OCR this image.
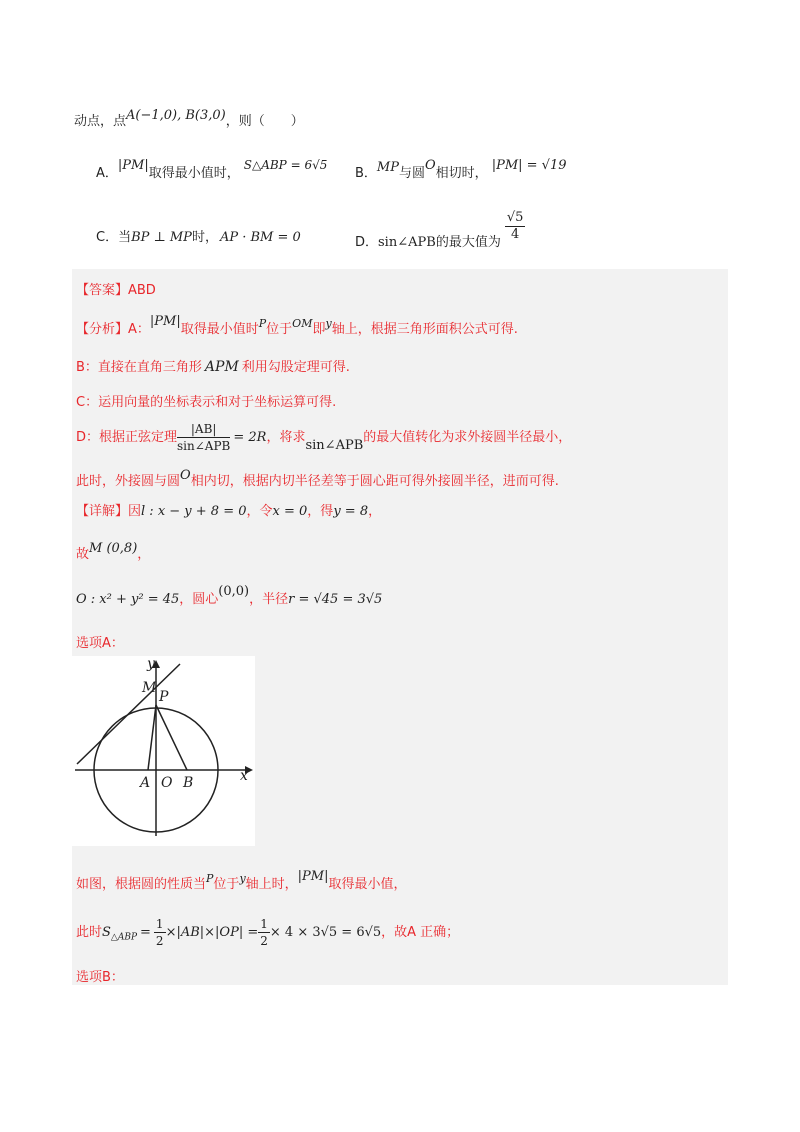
动点，点A(−1,0), B(3,0)，则（　　）
A．|PM|取得最小值时，S△ABP = 6√5
B．MP与圆O相切时，|PM| = √19
C．当BP ⊥ MP时， AP · BM = 0	D．sin∠APB的最大值为 $\frac{√5}{4}$
【答案】ABD
【分析】A：|PM|取得最小值时$^P$位于$^{OM}$即$^y$轴上，根据三角形面积公式可得.
B：直接在直角三角形 APM 利用勾股定理可得.
C：运用向量的坐标表示和对于坐标运算可得.
D：根据正弦定理 $\frac{|AB|}{\text{sin∠APB}} = 2R$，将求sin∠APB的最大值转化为求外接圆半径最小，
此时，外接圆与圆O相内切，根据内切半径差等于圆心距可得外接圆半径，进而可得.
【详解】因l : x − y + 8 = 0，令x = 0，得y = 8，
故M (0,8)，
O : x² + y² = 45，圆心(0,0)，半径r = √45 = 3√5
选项A：
y
x
M
P
A O B
如图，根据圆的性质当$^P$位于$^y$轴上时，|PM|取得最小值，
此时$S_{\triangle ABP} = \frac{1}{2} \times|AB|\times|OP| = \frac{1}{2} \times 4 \times 3√5 = 6√5$，故A 正确；
选项B：
